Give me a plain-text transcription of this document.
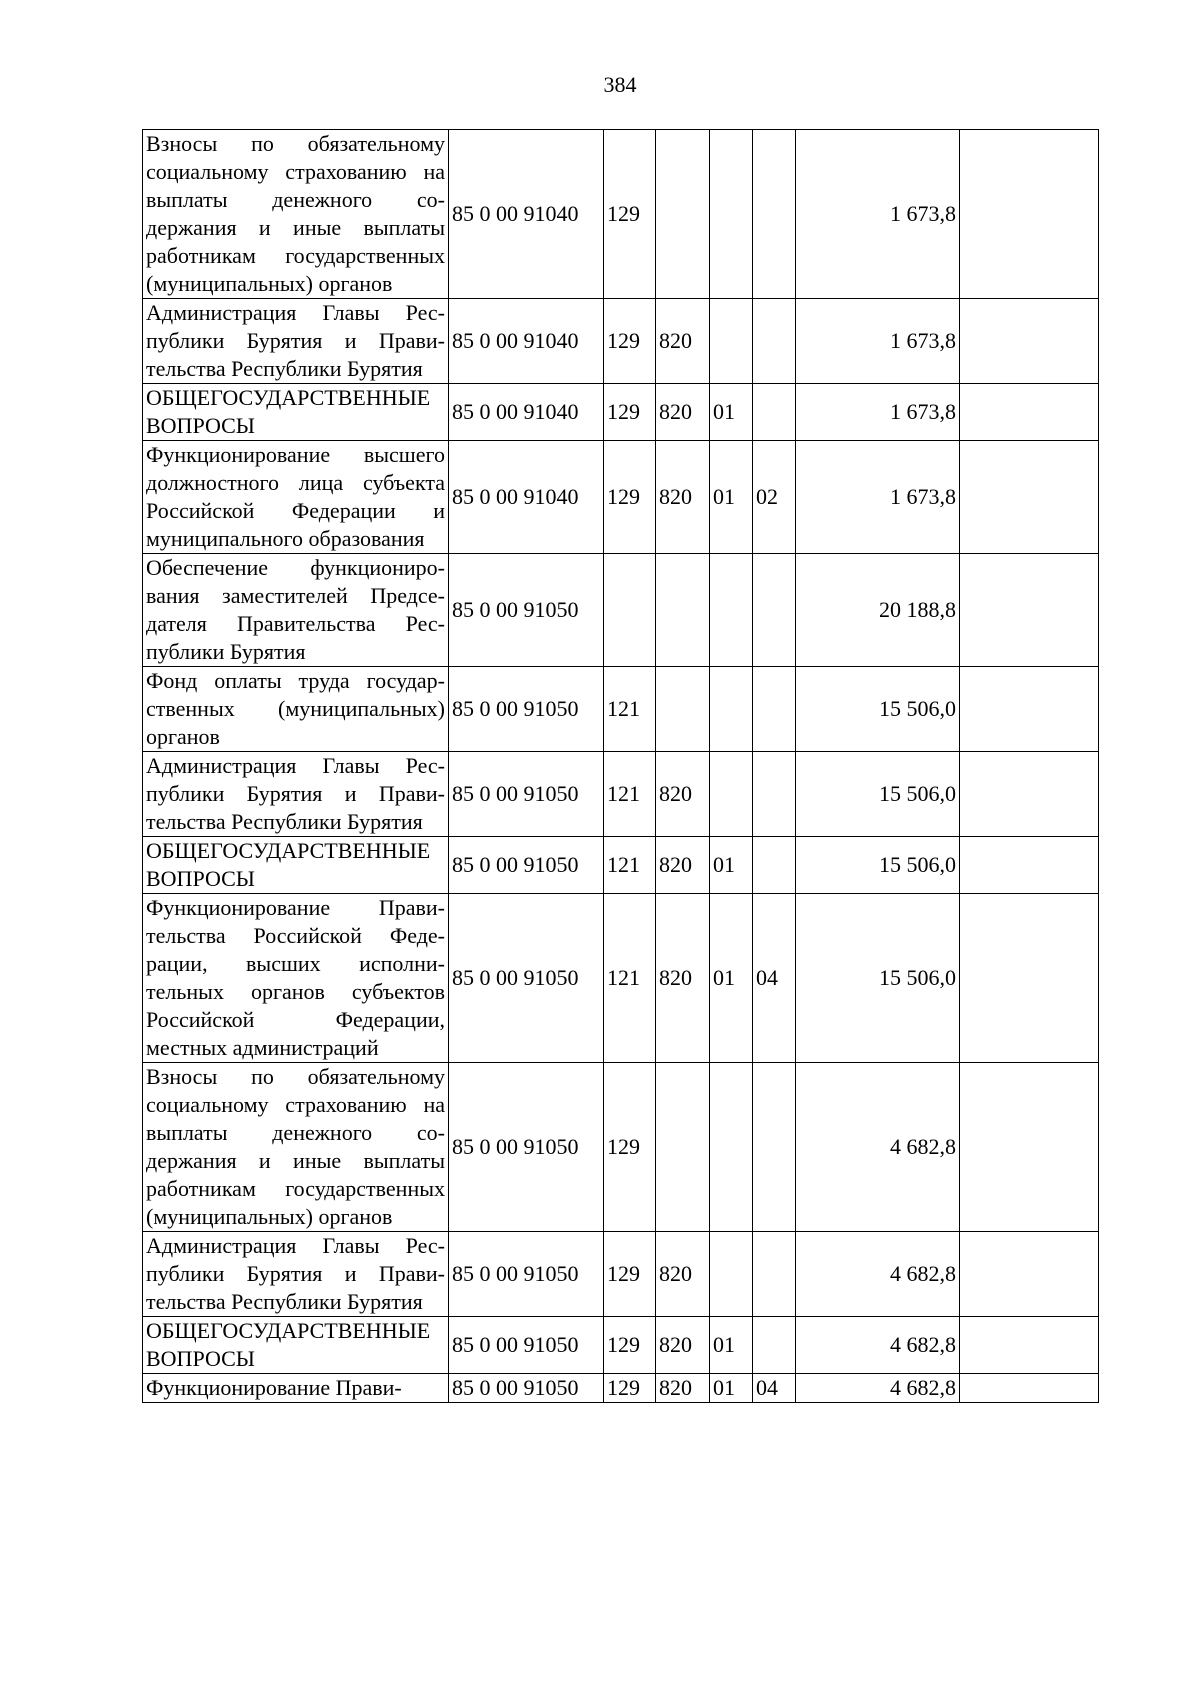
384
Взносы по обязательному социальному страхованию на выплаты денежного содержания и иные выплаты работникам государственных (муниципальных) органов	85 0 00 91040	129				1 673,8	
Администрация Главы Республики Бурятия и Правительства Республики Бурятия	85 0 00 91040	129	820			1 673,8	
ОБЩЕГОСУДАРСТВЕННЫЕ ВОПРОСЫ	85 0 00 91040	129	820	01		1 673,8	
Функционирование высшего должностного лица субъекта Российской Федерации и муниципального образования	85 0 00 91040	129	820	01	02	1 673,8	
Обеспечение функционирования заместителей Председателя Правительства Республики Бурятия	85 0 00 91050					20 188,8	
Фонд оплаты труда государственных (муниципальных) органов	85 0 00 91050	121				15 506,0	
Администрация Главы Республики Бурятия и Правительства Республики Бурятия	85 0 00 91050	121	820			15 506,0	
ОБЩЕГОСУДАРСТВЕННЫЕ ВОПРОСЫ	85 0 00 91050	121	820	01		15 506,0	
Функционирование Правительства Российской Федерации, высших исполнительных органов субъектов Российской Федерации, местных администраций	85 0 00 91050	121	820	01	04	15 506,0	
Взносы по обязательному социальному страхованию на выплаты денежного содержания и иные выплаты работникам государственных (муниципальных) органов	85 0 00 91050	129				4 682,8	
Администрация Главы Республики Бурятия и Правительства Республики Бурятия	85 0 00 91050	129	820			4 682,8	
ОБЩЕГОСУДАРСТВЕННЫЕ ВОПРОСЫ	85 0 00 91050	129	820	01		4 682,8	
Функционирование Прави-	85 0 00 91050	129	820	01	04	4 682,8	
